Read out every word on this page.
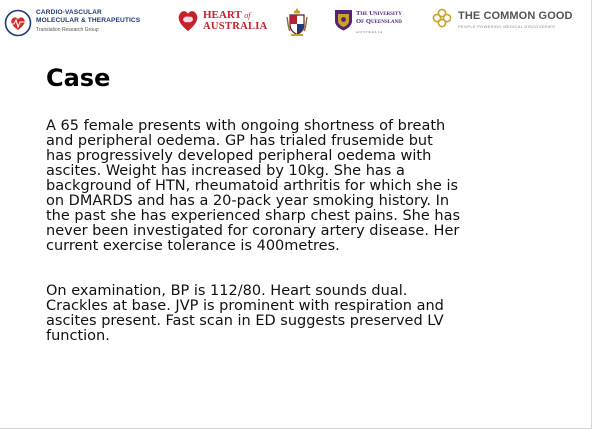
CARDIO-VASCULAR
MOLECULAR & THERAPEUTICS
Translation Research Group
HEART of
AUSTRALIA
The University
Of Queensland
AUSTRALIA
THE COMMON GOOD
PEOPLE POWERING MEDICAL DISCOVERIES
Case

A 65 female presents with ongoing shortness of breath
and peripheral oedema. GP has trialed frusemide but
has progressively developed peripheral oedema with
ascites. Weight has increased by 10kg. She has a
background of HTN, rheumatoid arthritis for which she is
on DMARDS and has a 20-pack year smoking history. In
the past she has experienced sharp chest pains. She has
never been investigated for coronary artery disease. Her
current exercise tolerance is 400metres.

On examination, BP is 112/80. Heart sounds dual.
Crackles at base. JVP is prominent with respiration and
ascites present. Fast scan in ED suggests preserved LV
function.
